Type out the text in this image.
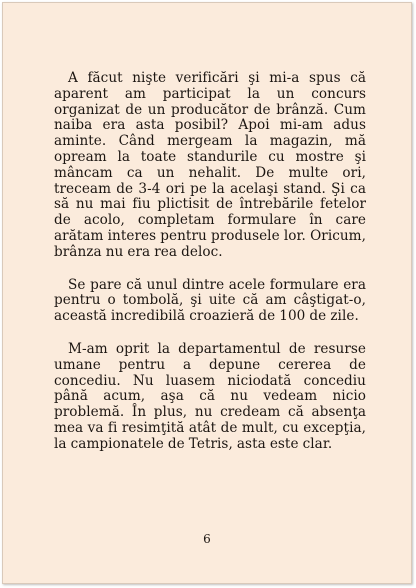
A făcut nişte verificări şi mi-a spus că aparent am participat la un concurs organizat de un producător de brânză. Cum naiba era asta posibil? Apoi mi-am adus aminte. Când mergeam la magazin, mă opream la toate standurile cu mostre şi mâncam ca un nehalit. De multe ori, treceam de 3-4 ori pe la acelaşi stand. Şi ca să nu mai fiu plictisit de întrebările fetelor de acolo, completam formulare în care arătam interes pentru produsele lor. Oricum, brânza nu era rea deloc.

Se pare că unul dintre acele formulare era pentru o tombolă, şi uite că am câştigat-o, această incredibilă croazieră de 100 de zile.

M-am oprit la departamentul de resurse umane pentru a depune cererea de concediu. Nu luasem niciodată concediu până acum, aşa că nu vedeam nicio problemă. În plus, nu credeam că absenţa mea va fi resimţită atât de mult, cu excepţia, la campionatele de Tetris, asta este clar.

6
